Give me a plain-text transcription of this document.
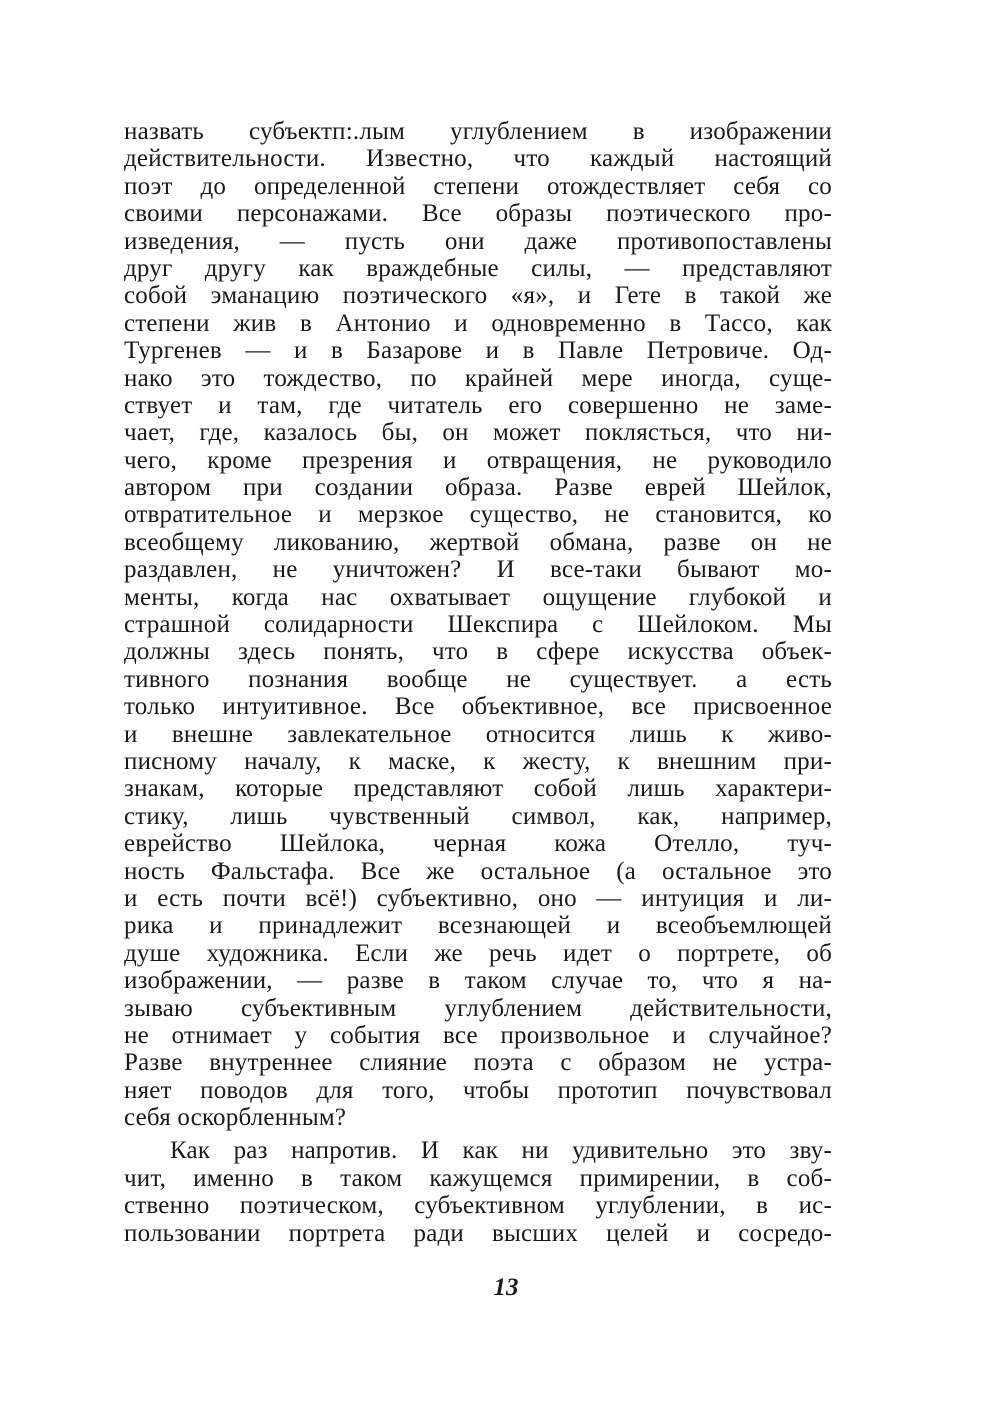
назвать субъектп:.лым углублением в изображении
действительности. Известно, что каждый настоящий
поэт до определенной степени отождествляет себя со
своими персонажами. Все образы поэтического про-
изведения, — пусть они даже противопоставлены
друг другу как враждебные силы, — представляют
собой эманацию поэтического «я», и Гете в такой же
степени жив в Антонио и одновременно в Тассо, как
Тургенев — и в Базарове и в Павле Петровиче. Од-
нако это тождество, по крайней мере иногда, суще-
ствует и там, где читатель его совершенно не заме-
чает, где, казалось бы, он может поклясться, что ни-
чего, кроме презрения и отвращения, не руководило
автором при создании образа. Разве еврей Шейлок,
отвратительное и мерзкое существо, не становится, ко
всеобщему ликованию, жертвой обмана, разве он не
раздавлен, не уничтожен? И все-таки бывают мо-
менты, когда нас охватывает ощущение глубокой и
страшной солидарности Шекспира с Шейлоком. Мы
должны здесь понять, что в сфере искусства объек-
тивного познания вообще не существует. а есть
только интуитивное. Все объективное, все присвоенное
и внешне завлекательное относится лишь к живо-
писному началу, к маске, к жесту, к внешним при-
знакам, которые представляют собой лишь характери-
стику, лишь чувственный символ, как, например,
еврейство Шейлока, черная кожа Отелло, туч-
ность Фальстафа. Все же остальное (а остальное это
и есть почти всё!) субъективно, оно — интуиция и ли-
рика и принадлежит всезнающей и всеобъемлющей
душе художника. Если же речь идет о портрете, об
изображении, — разве в таком случае то, что я на-
зываю субъективным углублением действительности,
не отнимает у события все произвольное и случайное?
Разве внутреннее слияние поэта с образом не устра-
няет поводов для того, чтобы прототип почувствовал
себя оскорбленным?
Как раз напротив. И как ни удивительно это зву-
чит, именно в таком кажущемся примирении, в соб-
ственно поэтическом, субъективном углублении, в ис-
пользовании портрета ради высших целей и сосредо-
13
